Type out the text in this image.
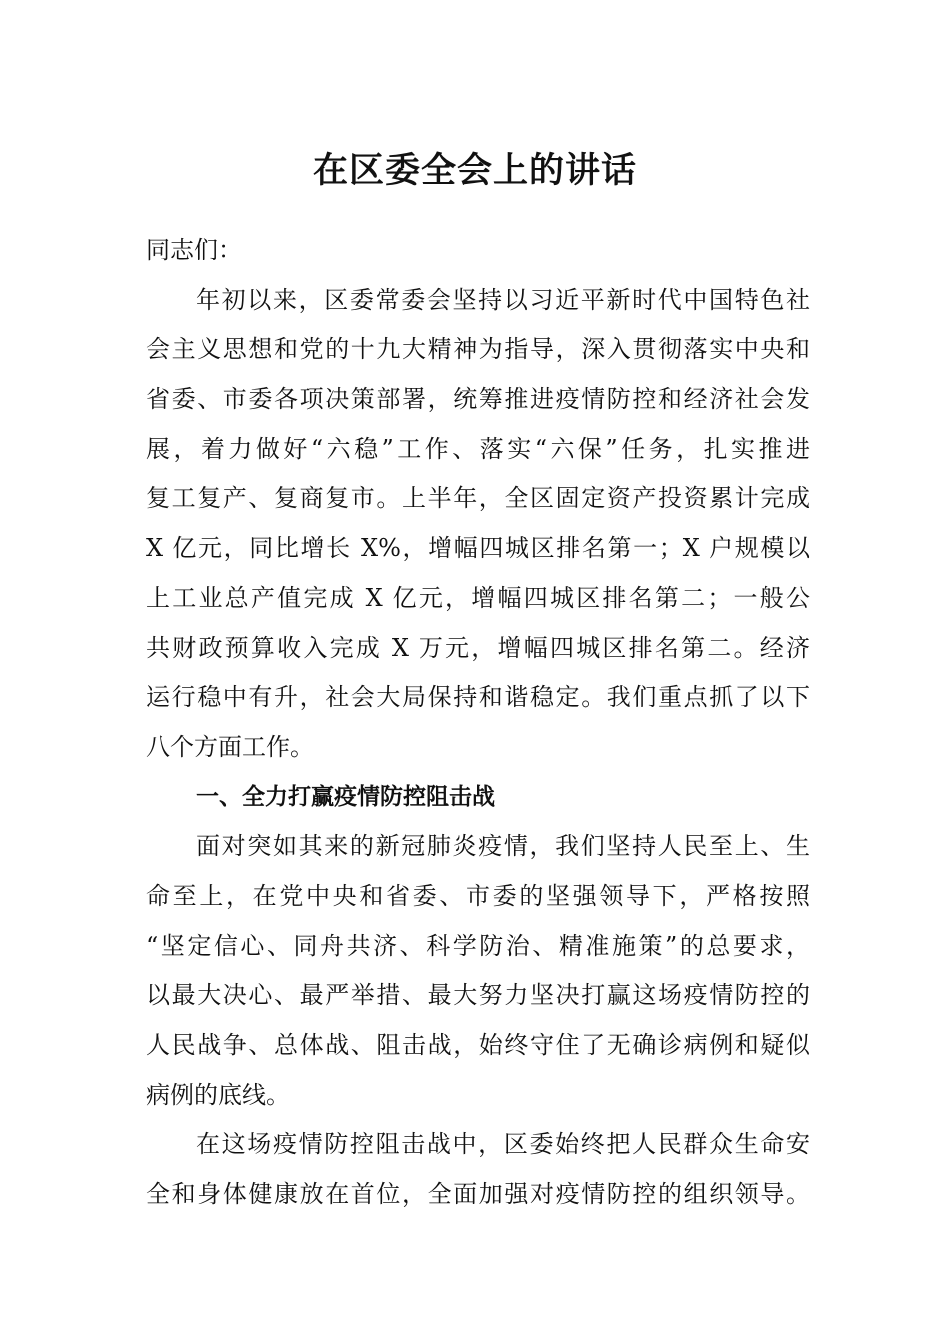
在区委全会上的讲话
同志们：
年初以来，区委常委会坚持以习近平新时代中国特色社
会主义思想和党的十九大精神为指导，深入贯彻落实中央和
省委、市委各项决策部署，统筹推进疫情防控和经济社会发
展，着力做好“六稳”工作、落实“六保”任务，扎实推进
复工复产、复商复市。上半年，全区固定资产投资累计完成
X 亿元，同比增长 X%，增幅四城区排名第一；X 户规模以
上工业总产值完成 X 亿元，增幅四城区排名第二；一般公
共财政预算收入完成 X 万元，增幅四城区排名第二。经济
运行稳中有升，社会大局保持和谐稳定。我们重点抓了以下
八个方面工作。
一、全力打赢疫情防控阻击战
面对突如其来的新冠肺炎疫情，我们坚持人民至上、生
命至上，在党中央和省委、市委的坚强领导下，严格按照
“坚定信心、同舟共济、科学防治、精准施策”的总要求，
以最大决心、最严举措、最大努力坚决打赢这场疫情防控的
人民战争、总体战、阻击战，始终守住了无确诊病例和疑似
病例的底线。
在这场疫情防控阻击战中，区委始终把人民群众生命安
全和身体健康放在首位，全面加强对疫情防控的组织领导。
